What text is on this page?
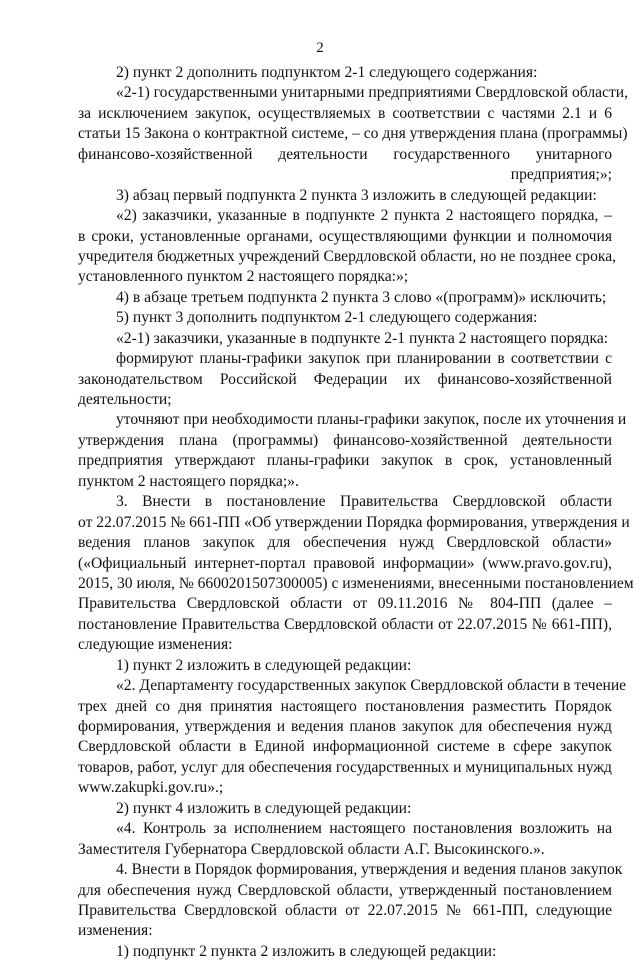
2
2) пункт 2 дополнить подпунктом 2-1 следующего содержания:
«2-1) государственными унитарными предприятиями Свердловской области,
за исключением закупок, осуществляемых в соответствии с частями 2.1 и 6
статьи 15 Закона о контрактной системе, – со дня утверждения плана (программы)
финансово-хозяйственной деятельности государственного унитарного
предприятия;»;
3) абзац первый подпункта 2 пункта 3 изложить в следующей редакции:
«2) заказчики, указанные в подпункте 2 пункта 2 настоящего порядка, –
в сроки, установленные органами, осуществляющими функции и полномочия
учредителя бюджетных учреждений Свердловской области, но не позднее срока,
установленного пунктом 2 настоящего порядка:»;
4) в абзаце третьем подпункта 2 пункта 3 слово «(программ)» исключить;
5) пункт 3 дополнить подпунктом 2-1 следующего содержания:
«2-1) заказчики, указанные в подпункте 2-1 пункта 2 настоящего порядка:
формируют планы-графики закупок при планировании в соответствии с
законодательством Российской Федерации их финансово-хозяйственной
деятельности;
уточняют при необходимости планы-графики закупок, после их уточнения и
утверждения плана (программы) финансово-хозяйственной деятельности
предприятия утверждают планы-графики закупок в срок, установленный
пунктом 2 настоящего порядка;».
3. Внести в постановление Правительства Свердловской области
от 22.07.2015 № 661-ПП «Об утверждении Порядка формирования, утверждения и
ведения планов закупок для обеспечения нужд Свердловской области»
(«Официальный интернет-портал правовой информации» (www.pravo.gov.ru),
2015, 30 июля, № 6600201507300005) с изменениями, внесенными постановлением
Правительства Свердловской области от 09.11.2016 № 804-ПП (далее –
постановление Правительства Свердловской области от 22.07.2015 № 661-ПП),
следующие изменения:
1) пункт 2 изложить в следующей редакции:
«2. Департаменту государственных закупок Свердловской области в течение
трех дней со дня принятия настоящего постановления разместить Порядок
формирования, утверждения и ведения планов закупок для обеспечения нужд
Свердловской области в Единой информационной системе в сфере закупок
товаров, работ, услуг для обеспечения государственных и муниципальных нужд
www.zakupki.gov.ru».;
2) пункт 4 изложить в следующей редакции:
«4. Контроль за исполнением настоящего постановления возложить на
Заместителя Губернатора Свердловской области А.Г. Высокинского.».
4. Внести в Порядок формирования, утверждения и ведения планов закупок
для обеспечения нужд Свердловской области, утвержденный постановлением
Правительства Свердловской области от 22.07.2015 № 661-ПП, следующие
изменения:
1) подпункт 2 пункта 2 изложить в следующей редакции:
